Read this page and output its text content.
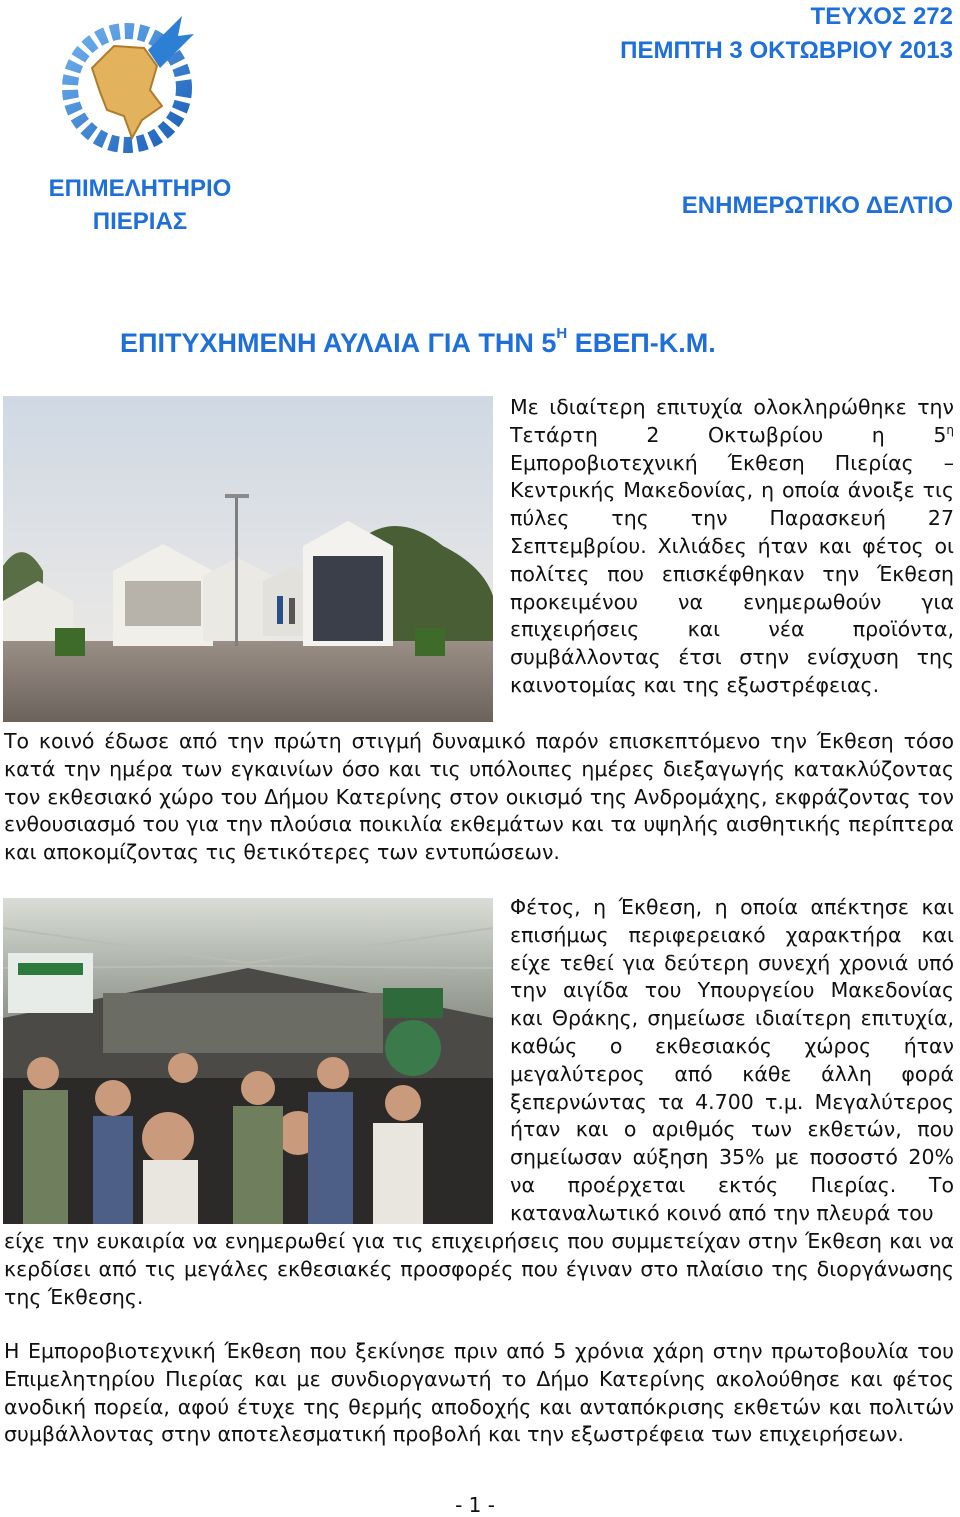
ΕΠΙΜΕΛΗΤΗΡΙΟ
ΠΙΕΡΙΑΣ
ΤΕΥΧΟΣ 272
ΠΕΜΠΤΗ 3 ΟΚΤΩΒΡΙΟΥ 2013
ΕΝΗΜΕΡΩΤΙΚΟ ΔΕΛΤΙΟ
ΕΠΙΤΥΧΗΜΕΝΗ ΑΥΛΑΙΑ ΓΙΑ ΤΗΝ $5^H$ ΕΒΕΠ-Κ.Μ.

Με ιδιαίτερη επιτυχία ολοκληρώθηκε την Τετάρτη 2 Οκτωβρίου η $5^\eta$ Εμποροβιοτεχνική Έκθεση Πιερίας – Κεντρικής Μακεδονίας, η οποία άνοιξε τις πύλες της την Παρασκευή 27 Σεπτεμβρίου. Χιλιάδες ήταν και φέτος οι πολίτες που επισκέφθηκαν την Έκθεση προκειμένου να ενημερωθούν για επιχειρήσεις και νέα προϊόντα, συμβάλλοντας έτσι στην ενίσχυση της καινοτομίας και της εξωστρέφειας.

Το κοινό έδωσε από την πρώτη στιγμή δυναμικό παρόν επισκεπτόμενο την Έκθεση τόσο κατά την ημέρα των εγκαινίων όσο και τις υπόλοιπες ημέρες διεξαγωγής κατακλύζοντας τον εκθεσιακό χώρο του Δήμου Κατερίνης στον οικισμό της Ανδρομάχης, εκφράζοντας τον ενθουσιασμό του για την πλούσια ποικιλία εκθεμάτων και τα υψηλής αισθητικής περίπτερα και αποκομίζοντας τις θετικότερες των εντυπώσεων.

Φέτος, η Έκθεση, η οποία απέκτησε και επισήμως περιφερειακό χαρακτήρα και είχε τεθεί για δεύτερη συνεχή χρονιά υπό την αιγίδα του Υπουργείου Μακεδονίας και Θράκης, σημείωσε ιδιαίτερη επιτυχία, καθώς ο εκθεσιακός χώρος ήταν μεγαλύτερος από κάθε άλλη φορά ξεπερνώντας τα 4.700 τ.μ. Μεγαλύτερος ήταν και ο αριθμός των εκθετών, που σημείωσαν αύξηση 35% με ποσοστό 20% να προέρχεται εκτός Πιερίας. Το καταναλωτικό κοινό από την πλευρά του

είχε την ευκαιρία να ενημερωθεί για τις επιχειρήσεις που συμμετείχαν στην Έκθεση και να κερδίσει από τις μεγάλες εκθεσιακές προσφορές που έγιναν στο πλαίσιο της διοργάνωσης της Έκθεσης.

Η Εμποροβιοτεχνική Έκθεση που ξεκίνησε πριν από 5 χρόνια χάρη στην πρωτοβουλία του Επιμελητηρίου Πιερίας και με συνδιοργανωτή το Δήμο Κατερίνης ακολούθησε και φέτος ανοδική πορεία, αφού έτυχε της θερμής αποδοχής και ανταπόκρισης εκθετών και πολιτών συμβάλλοντας στην αποτελεσματική προβολή και την εξωστρέφεια των επιχειρήσεων.

- 1 -
